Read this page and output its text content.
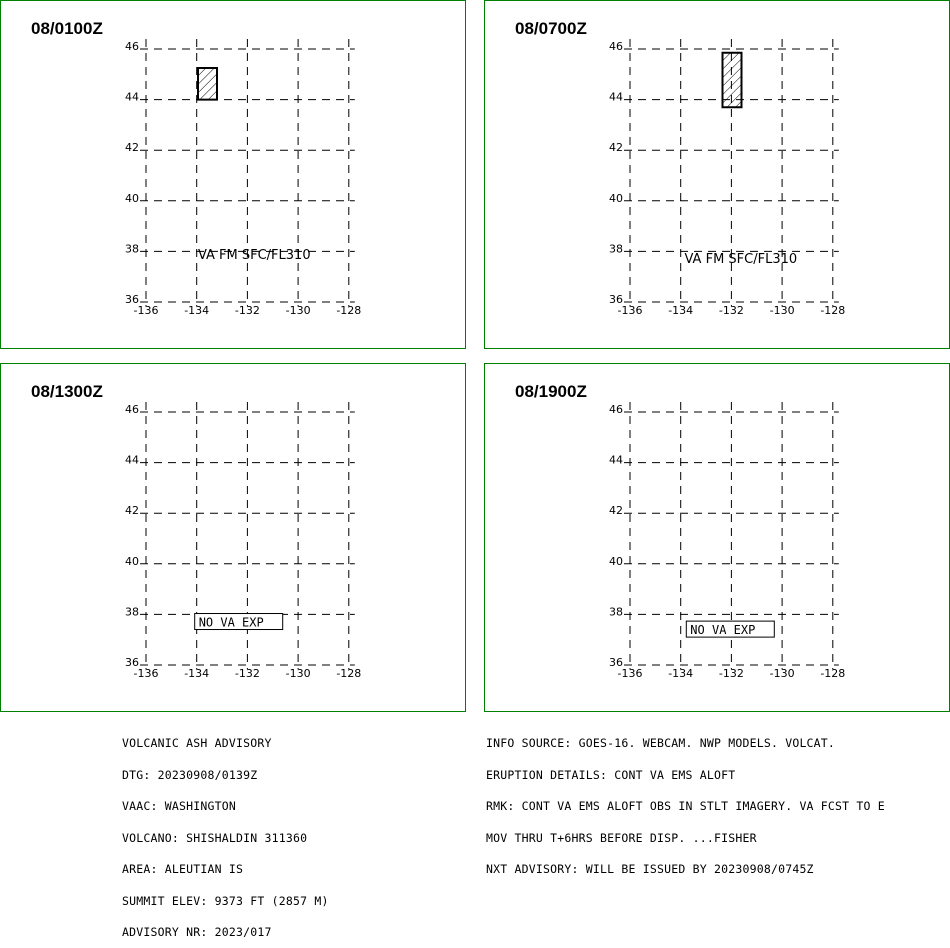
08/0100Z
46
44
42
40
38
36
-136 -134 -132 -130 -128
VA FM SFC/FL310
08/0700Z
46
44
42
40
38
36
-136 -134 -132 -130 -128
VA FM SFC/FL310
08/1300Z
46
44
42
40
38
36
-136 -134 -132 -130 -128
NO VA EXP
08/1900Z
46
44
42
40
38
36
-136 -134 -132 -130 -128
NO VA EXP

VOLCANIC ASH ADVISORY

DTG: 20230908/0139Z

VAAC: WASHINGTON

VOLCANO: SHISHALDIN 311360

AREA: ALEUTIAN IS

SUMMIT ELEV: 9373 FT (2857 M)

ADVISORY NR: 2023/017

INFO SOURCE: GOES-16. WEBCAM. NWP MODELS. VOLCAT.

ERUPTION DETAILS: CONT VA EMS ALOFT

RMK: CONT VA EMS ALOFT OBS IN STLT IMAGERY. VA FCST TO E

MOV THRU T+6HRS BEFORE DISP. ...FISHER

NXT ADVISORY: WILL BE ISSUED BY 20230908/0745Z
